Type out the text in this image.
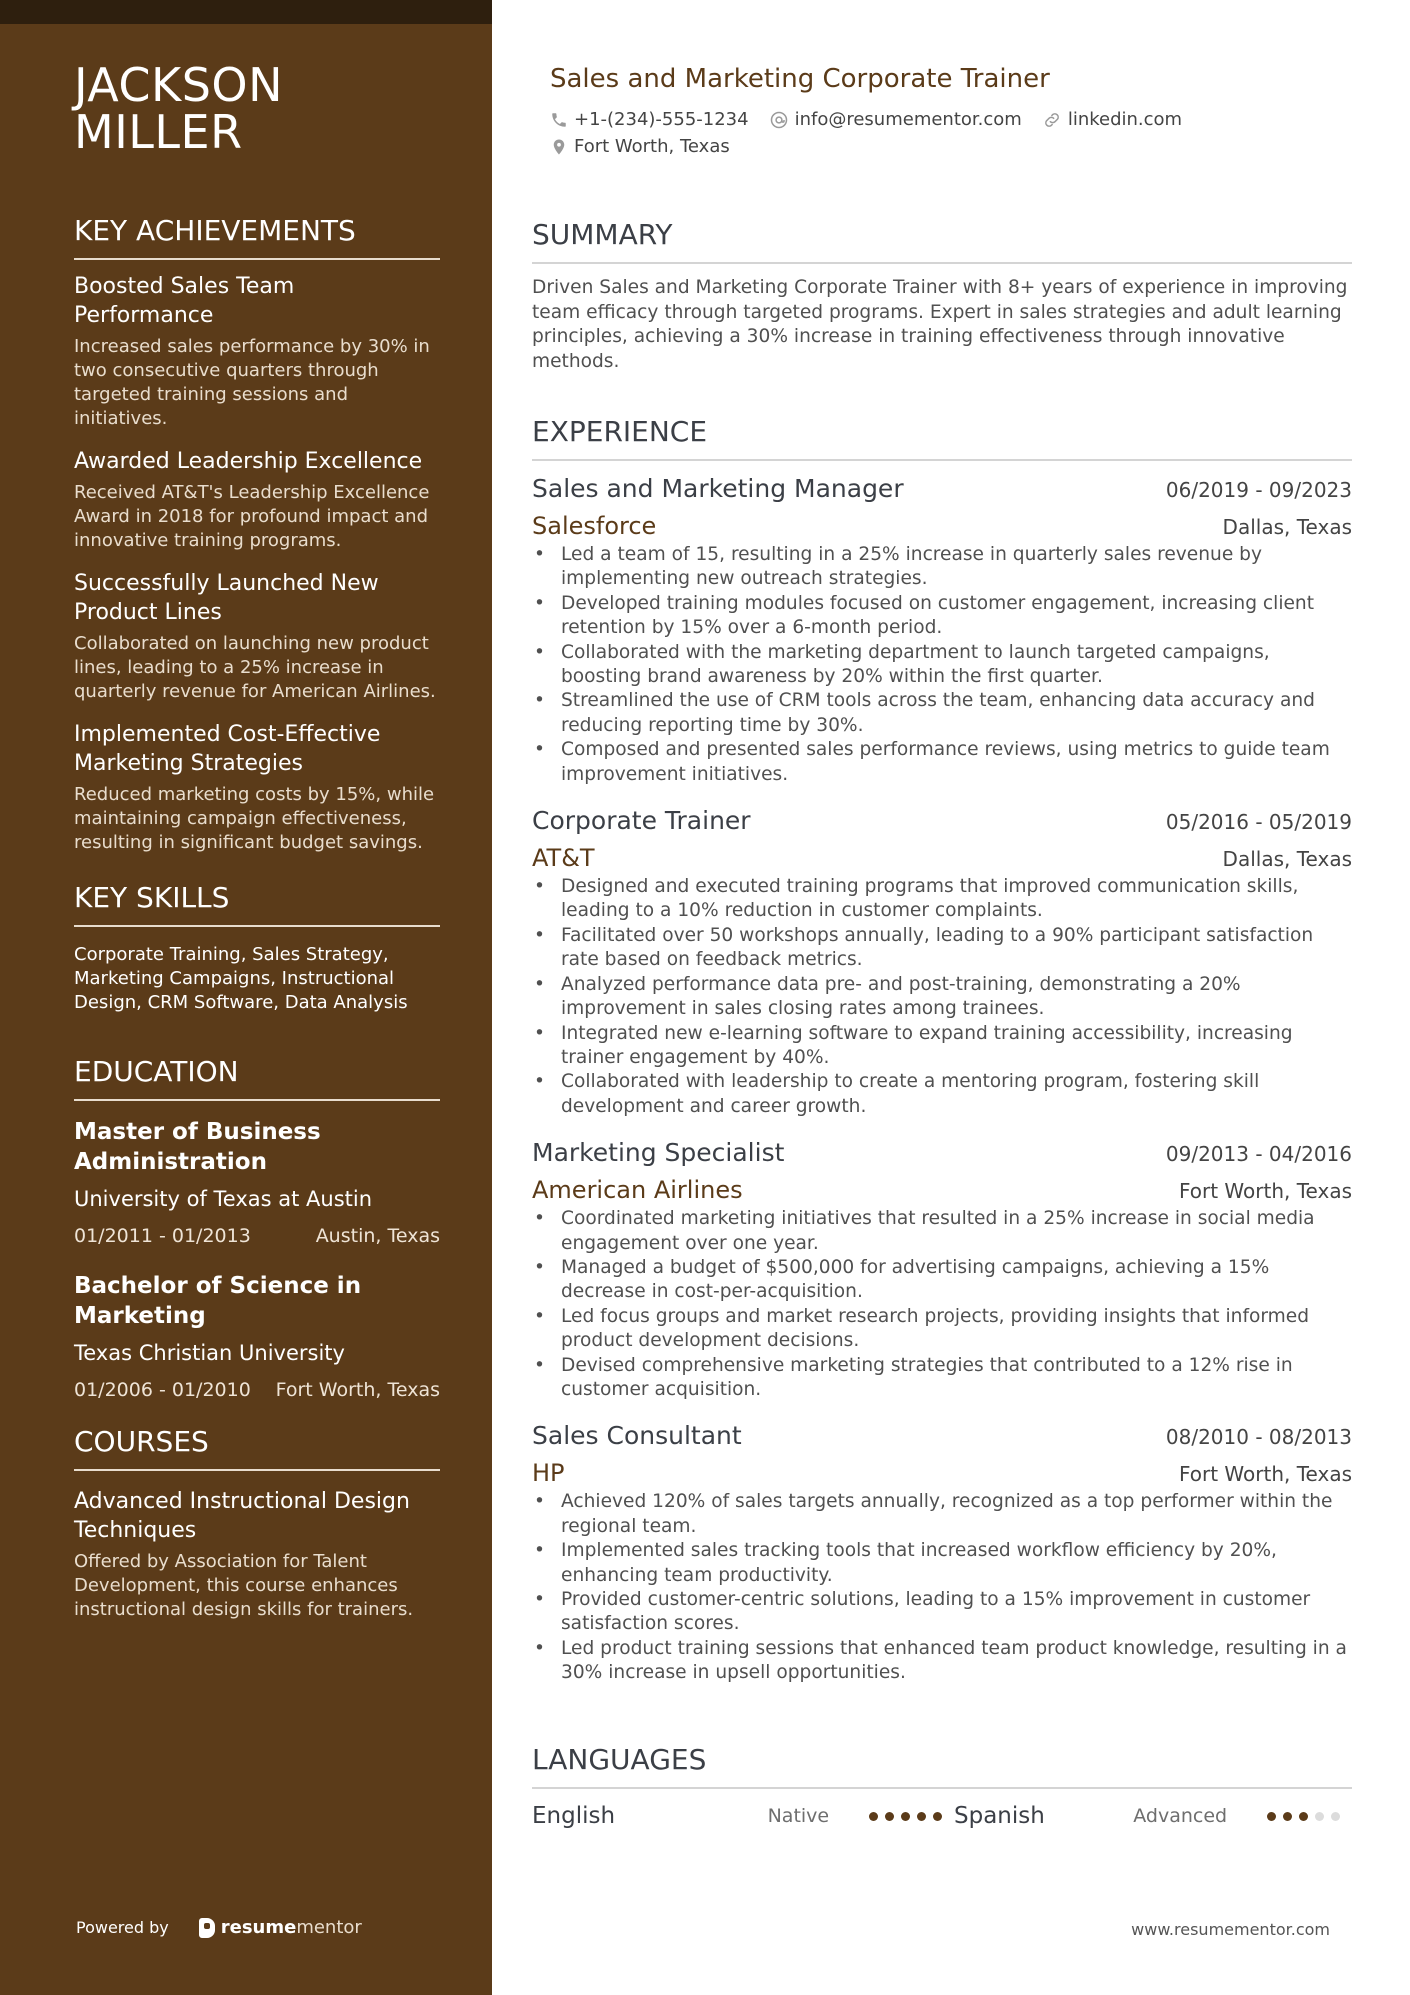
JACKSON
MILLER
KEY ACHIEVEMENTS
Boosted Sales Team Performance
Increased sales performance by 30% in two consecutive quarters through targeted training sessions and initiatives.
Awarded Leadership Excellence
Received AT&T's Leadership Excellence Award in 2018 for profound impact and innovative training programs.
Successfully Launched New Product Lines
Collaborated on launching new product lines, leading to a 25% increase in quarterly revenue for American Airlines.
Implemented Cost-Effective Marketing Strategies
Reduced marketing costs by 15%, while maintaining campaign effectiveness, resulting in significant budget savings.
KEY SKILLS
Corporate Training, Sales Strategy, Marketing Campaigns, Instructional Design, CRM Software, Data Analysis
EDUCATION
Master of Business Administration
University of Texas at Austin
01/2011 - 01/2013	Austin, Texas
Bachelor of Science in Marketing
Texas Christian University
01/2006 - 01/2010 Fort Worth, Texas
COURSES
Advanced Instructional Design Techniques
Offered by Association for Talent Development, this course enhances instructional design skills for trainers.
Powered by	resume mentor
Sales and Marketing Corporate Trainer
+1-(234)-555-1234	info@resumementor.com	linkedin.com
Fort Worth, Texas
SUMMARY
Driven Sales and Marketing Corporate Trainer with 8+ years of experience in improving team efficacy through targeted programs. Expert in sales strategies and adult learning principles, achieving a 30% increase in training effectiveness through innovative methods.
EXPERIENCE
Sales and Marketing Manager	06/2019 - 09/2023
Salesforce	Dallas, Texas
• Led a team of 15, resulting in a 25% increase in quarterly sales revenue by implementing new outreach strategies.
• Developed training modules focused on customer engagement, increasing client retention by 15% over a 6-month period.
• Collaborated with the marketing department to launch targeted campaigns, boosting brand awareness by 20% within the first quarter.
• Streamlined the use of CRM tools across the team, enhancing data accuracy and reducing reporting time by 30%.
• Composed and presented sales performance reviews, using metrics to guide team improvement initiatives.
Corporate Trainer	05/2016 - 05/2019
AT&T	Dallas, Texas
• Designed and executed training programs that improved communication skills, leading to a 10% reduction in customer complaints.
• Facilitated over 50 workshops annually, leading to a 90% participant satisfaction rate based on feedback metrics.
• Analyzed performance data pre- and post-training, demonstrating a 20% improvement in sales closing rates among trainees.
• Integrated new e-learning software to expand training accessibility, increasing trainer engagement by 40%.
• Collaborated with leadership to create a mentoring program, fostering skill development and career growth.
Marketing Specialist	09/2013 - 04/2016
American Airlines	Fort Worth, Texas
• Coordinated marketing initiatives that resulted in a 25% increase in social media engagement over one year.
• Managed a budget of $500,000 for advertising campaigns, achieving a 15% decrease in cost-per-acquisition.
• Led focus groups and market research projects, providing insights that informed product development decisions.
• Devised comprehensive marketing strategies that contributed to a 12% rise in customer acquisition.
Sales Consultant	08/2010 - 08/2013
HP	Fort Worth, Texas
• Achieved 120% of sales targets annually, recognized as a top performer within the regional team.
• Implemented sales tracking tools that increased workflow efficiency by 20%, enhancing team productivity.
• Provided customer-centric solutions, leading to a 15% improvement in customer satisfaction scores.
• Led product training sessions that enhanced team product knowledge, resulting in a 30% increase in upsell opportunities.
LANGUAGES
English	Native	Spanish	Advanced
www.resumementor.com
